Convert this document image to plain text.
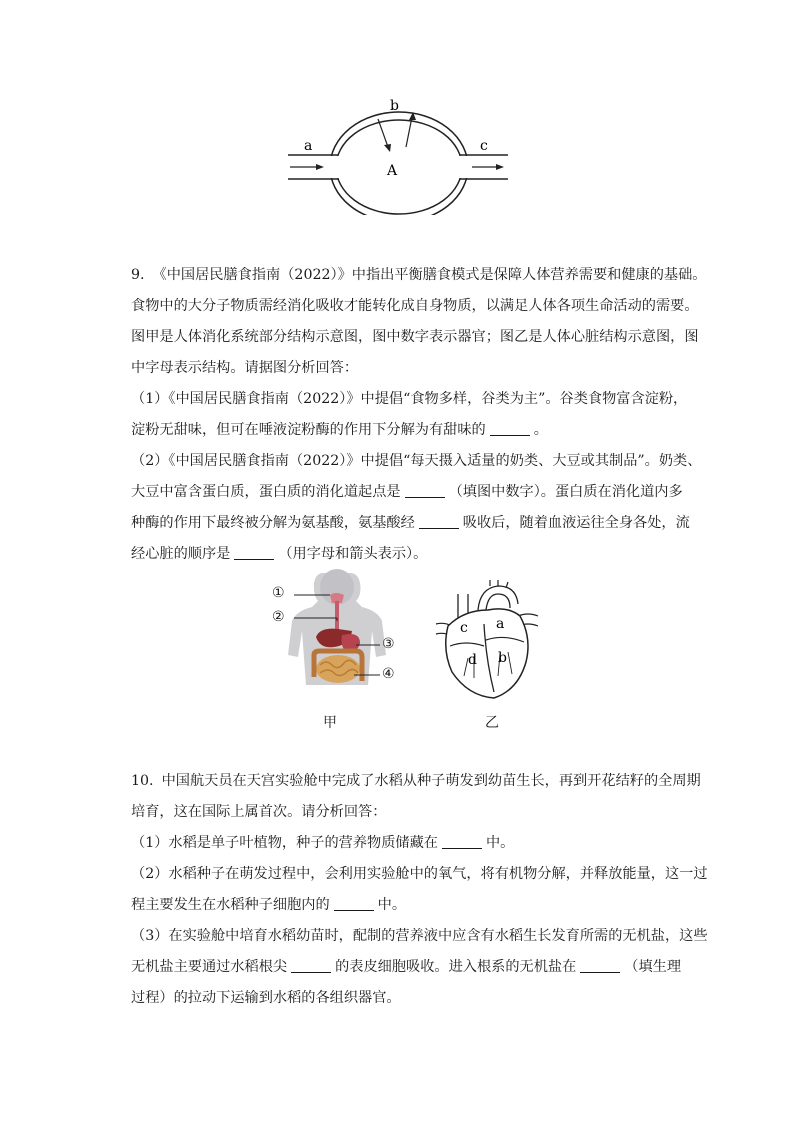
a
b
c
A
9. 《中国居民膳食指南（2022）》中指出平衡膳食模式是保障人体营养需要和健康的基础。
食物中的大分子物质需经消化吸收才能转化成自身物质，以满足人体各项生命活动的需要。
图甲是人体消化系统部分结构示意图，图中数字表示器官；图乙是人体心脏结构示意图，图
中字母表示结构。请据图分析回答：
（1）《中国居民膳食指南（2022）》中提倡“食物多样，谷类为主”。谷类食物富含淀粉，
淀粉无甜味，但可在唾液淀粉酶的作用下分解为有甜味的	。
（2）《中国居民膳食指南（2022）》中提倡“每天摄入适量的奶类、大豆或其制品”。奶类、
大豆中富含蛋白质，蛋白质的消化道起点是	（填图中数字）。蛋白质在消化道内多
种酶的作用下最终被分解为氨基酸，氨基酸经	吸收后，随着血液运往全身各处，流
经心脏的顺序是	（用字母和箭头表示）。
①
②
③
④
甲
a
b
c
d
乙
10. 中国航天员在天宫实验舱中完成了水稻从种子萌发到幼苗生长，再到开花结籽的全周期
培育，这在国际上属首次。请分析回答：
（1）水稻是单子叶植物，种子的营养物质储藏在	中。
（2）水稻种子在萌发过程中，会利用实验舱中的氧气，将有机物分解，并释放能量，这一过
程主要发生在水稻种子细胞内的	中。
（3）在实验舱中培育水稻幼苗时，配制的营养液中应含有水稻生长发育所需的无机盐，这些
无机盐主要通过水稻根尖	的表皮细胞吸收。进入根系的无机盐在	（填生理
过程）的拉动下运输到水稻的各组织器官。
